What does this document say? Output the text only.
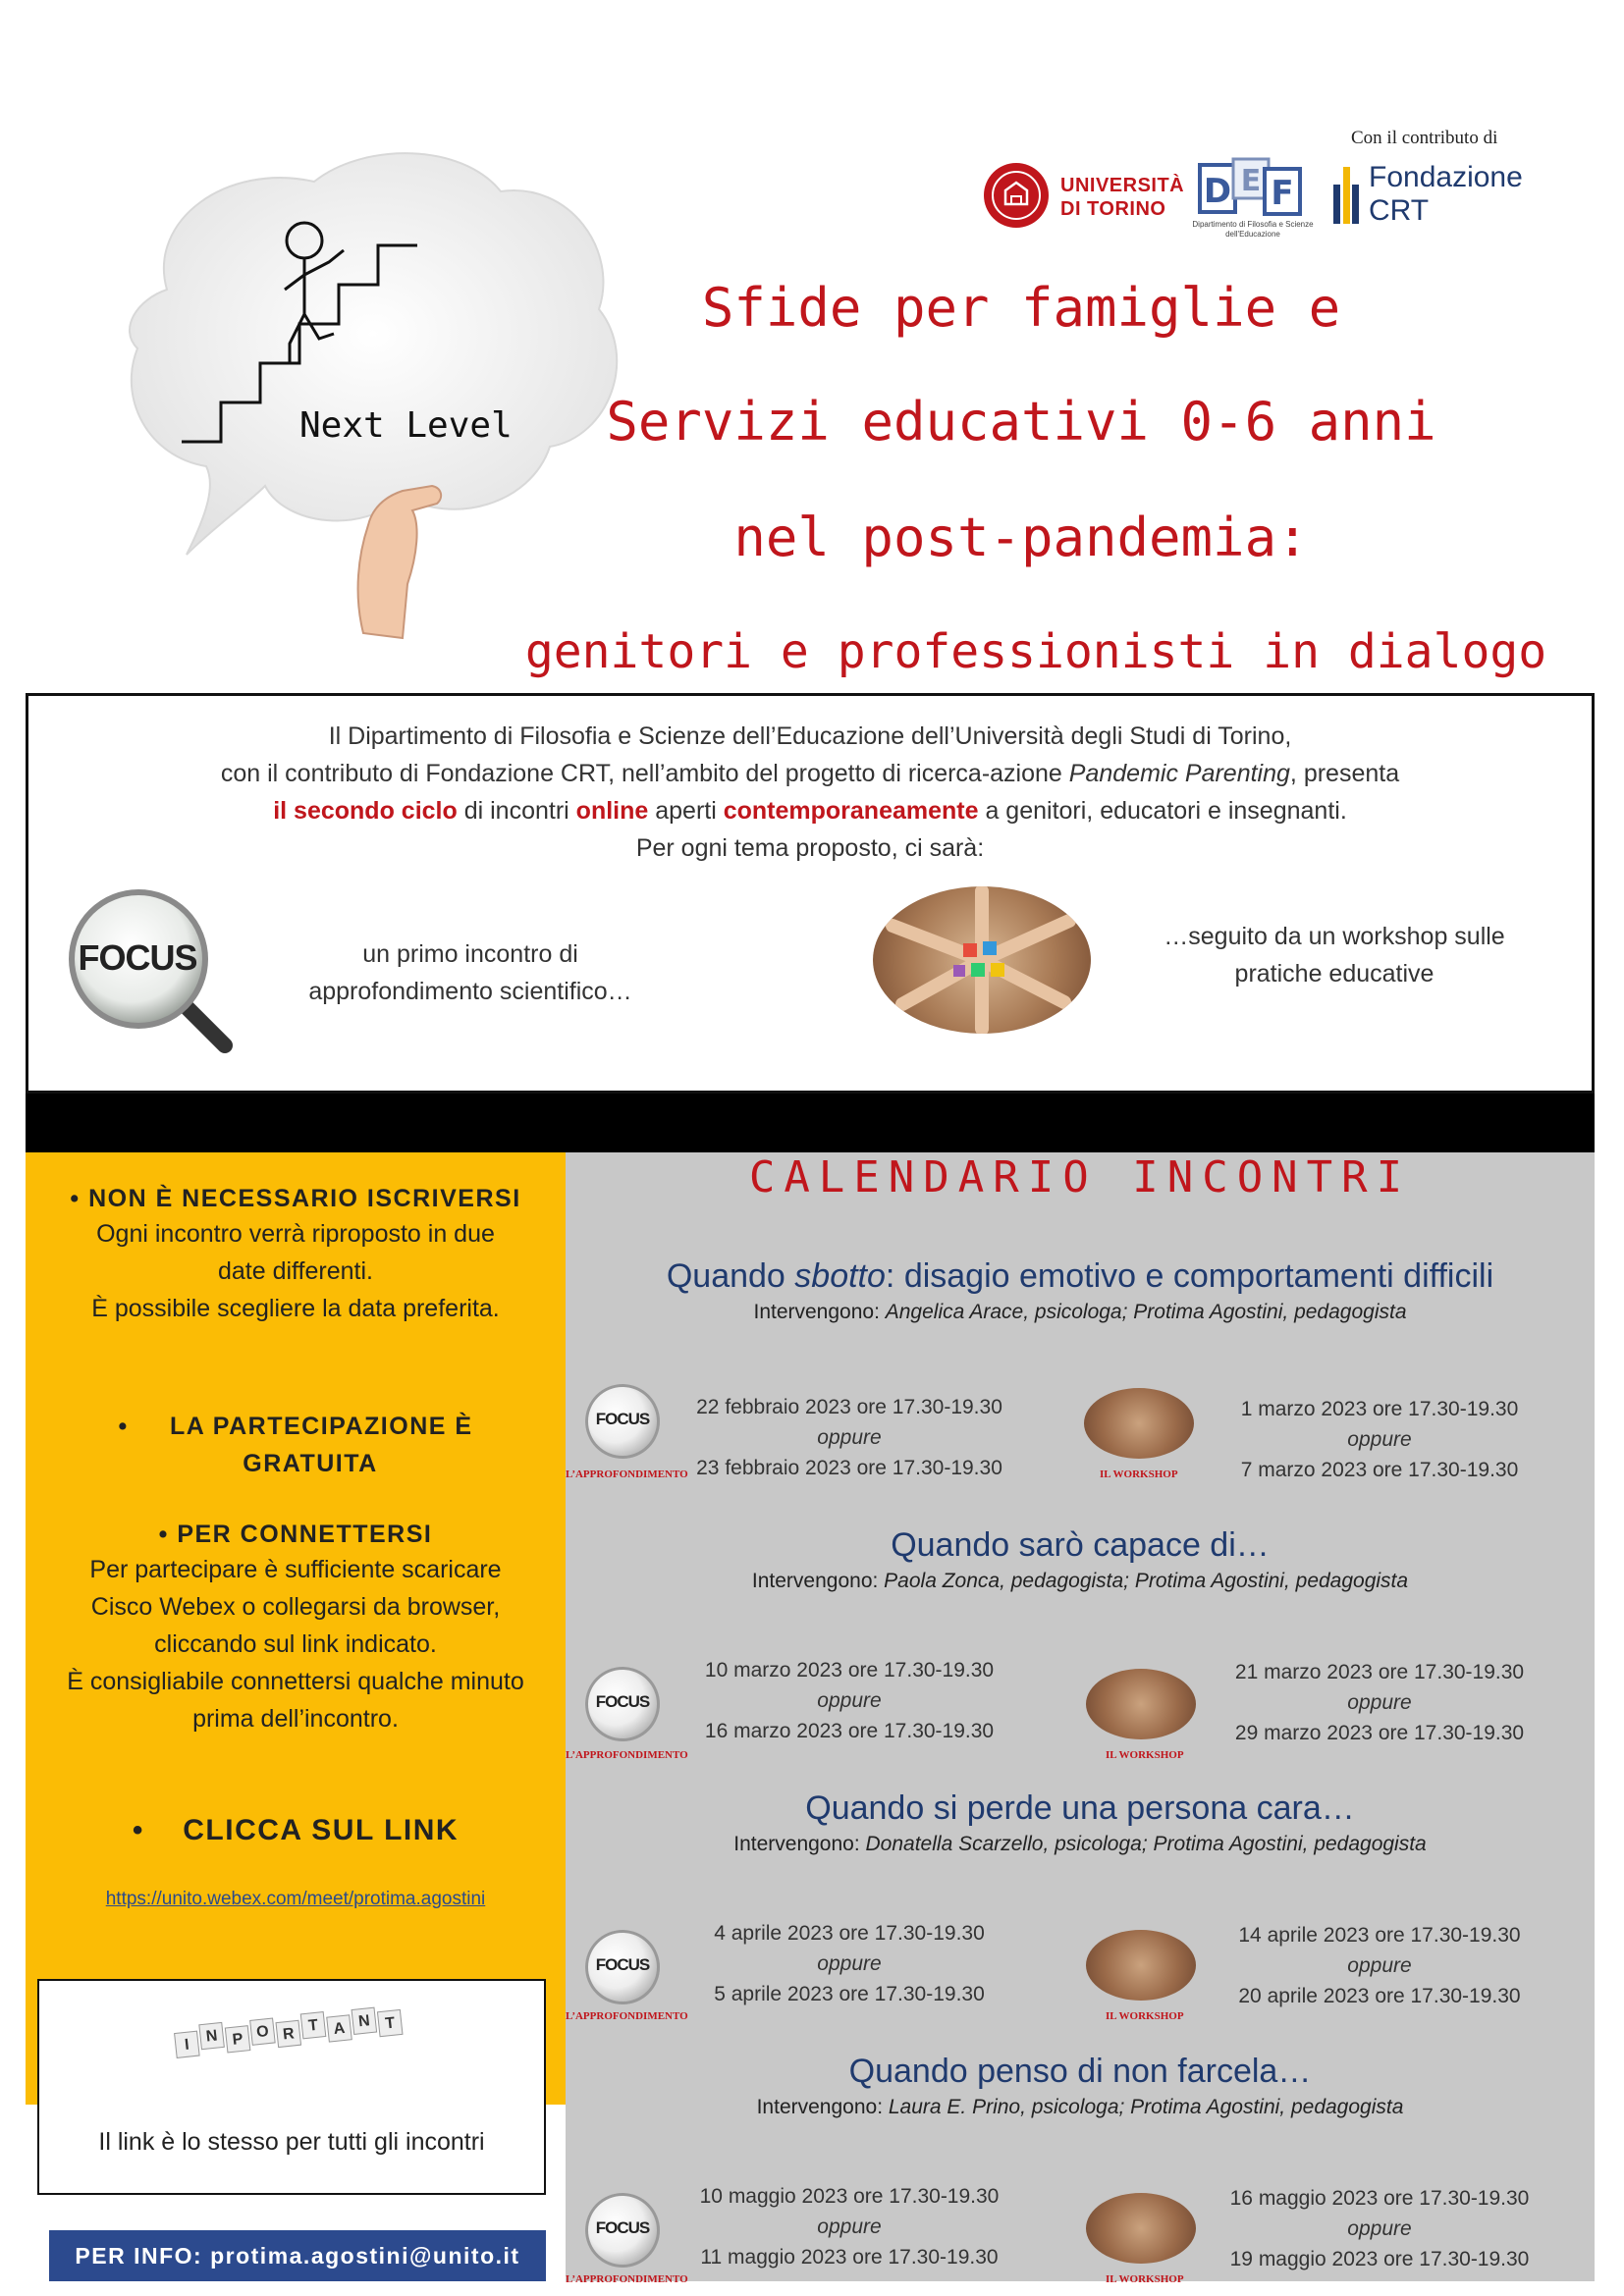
Con il contributo di
UNIVERSITÀ
DI TORINO D E F
Dipartimento di Filosofia e Scienze dell'Educazione
Fondazione
CRT
Next Level
Sfide per famiglie e
Servizi educativi 0-6 anni
nel post-pandemia:
genitori e professionisti in dialogo

Il Dipartimento di Filosofia e Scienze dell’Educazione dell’Università degli Studi di Torino,

con il contributo di Fondazione CRT, nell’ambito del progetto di ricerca-azione Pandemic Parenting, presenta

il secondo ciclo di incontri online aperti contemporaneamente a genitori, educatori e insegnanti.

Per ogni tema proposto, ci sarà:

FOCUS	un primo incontro di

approfondimento scientifico…

…seguito da un workshop sulle

pratiche educative

• NON È NECESSARIO ISCRIVERSI
Ogni incontro verrà riproposto in due
date differenti.
È possibile scegliere la data preferita.
•     LA PARTECIPAZIONE È
GRATUITA
• PER CONNETTERSI
Per partecipare è sufficiente scaricare
Cisco Webex o collegarsi da browser,
cliccando sul link indicato.
È consigliabile connettersi qualche minuto
prima dell’incontro.
•    CLICCA SUL LINK
https://unito.webex.com/meet/protima.agostini
I N P O R T A N T
Il link è lo stesso per tutti gli incontri
PER INFO: protima.agostini@unito.it
CALENDARIO INCONTRI
Quando sbotto: disagio emotivo e comportamenti difficili
Intervengono: Angelica Arace, psicologa; Protima Agostini, pedagogista
FOCUS
L’APPROFONDIMENTO
22 febbraio 2023 ore 17.30-19.30
oppure
23 febbraio 2023 ore 17.30-19.30	IL WORKSHOP
1 marzo 2023 ore 17.30-19.30
oppure
7 marzo 2023 ore 17.30-19.30
Quando sarò capace di…
Intervengono: Paola Zonca, pedagogista; Protima Agostini, pedagogista
FOCUS
L’APPROFONDIMENTO
10 marzo 2023 ore 17.30-19.30
oppure
16 marzo 2023 ore 17.30-19.30
IL WORKSHOP
21 marzo 2023 ore 17.30-19.30
oppure
29 marzo 2023 ore 17.30-19.30
Quando si perde una persona cara…
Intervengono: Donatella Scarzello, psicologa; Protima Agostini, pedagogista
FOCUS
L’APPROFONDIMENTO
4 aprile 2023 ore 17.30-19.30
oppure
5 aprile 2023 ore 17.30-19.30
IL WORKSHOP
14 aprile 2023 ore 17.30-19.30
oppure
20 aprile 2023 ore 17.30-19.30
Quando penso di non farcela…
Intervengono: Laura E. Prino, psicologa; Protima Agostini, pedagogista
FOCUS
L’APPROFONDIMENTO
10 maggio 2023 ore 17.30-19.30
oppure
11 maggio 2023 ore 17.30-19.30
IL WORKSHOP
16 maggio 2023 ore 17.30-19.30
oppure
19 maggio 2023 ore 17.30-19.30
